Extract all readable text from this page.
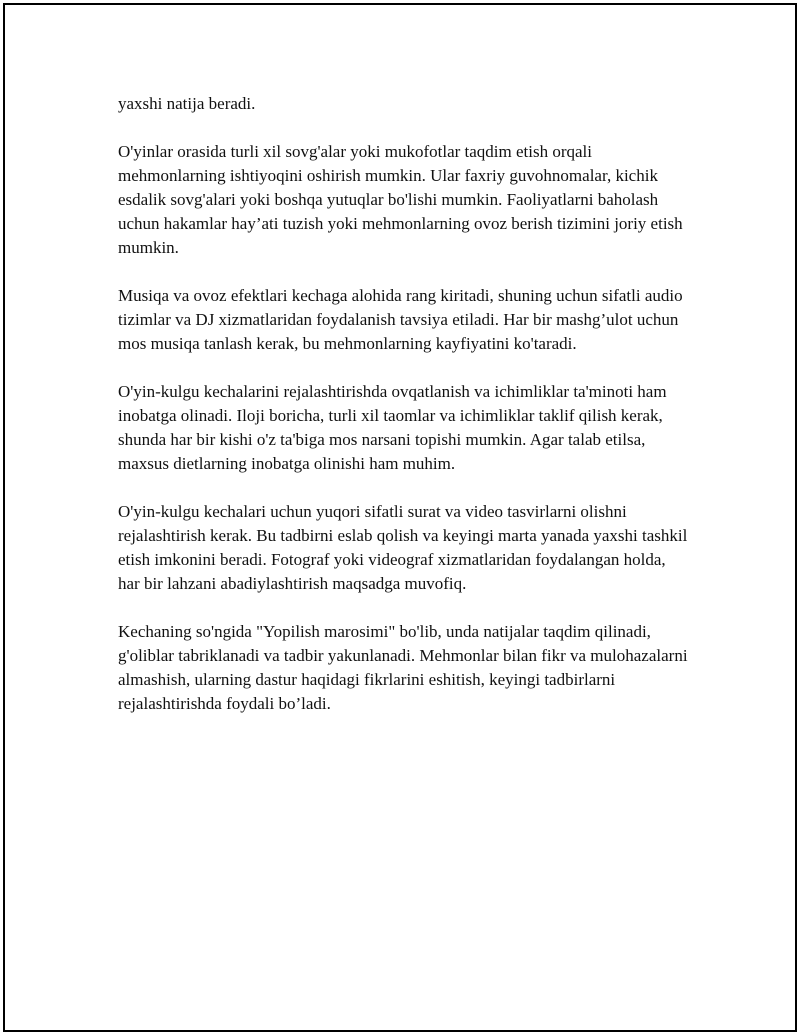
yaxshi natija beradi.

O'yinlar orasida turli xil sovg'alar yoki mukofotlar taqdim etish orqali mehmonlarning ishtiyoqini oshirish mumkin. Ular faxriy guvohnomalar, kichik esdalik sovg'alari yoki boshqa yutuqlar bo'lishi mumkin. Faoliyatlarni baholash uchun hakamlar hay’ati tuzish yoki mehmonlarning ovoz berish tizimini joriy etish mumkin.

Musiqa va ovoz efektlari kechaga alohida rang kiritadi, shuning uchun sifatli audio tizimlar va DJ xizmatlaridan foydalanish tavsiya etiladi. Har bir mashg’ulot uchun mos musiqa tanlash kerak, bu mehmonlarning kayfiyatini ko'taradi.

O'yin-kulgu kechalarini rejalashtirishda ovqatlanish va ichimliklar ta'minoti ham inobatga olinadi. Iloji boricha, turli xil taomlar va ichimliklar taklif qilish kerak, shunda har bir kishi o'z ta'biga mos narsani topishi mumkin. Agar talab etilsa, maxsus dietlarning inobatga olinishi ham muhim.

O'yin-kulgu kechalari uchun yuqori sifatli surat va video tasvirlarni olishni rejalashtirish kerak. Bu tadbirni eslab qolish va keyingi marta yanada yaxshi tashkil etish imkonini beradi. Fotograf yoki videograf xizmatlaridan foydalangan holda, har bir lahzani abadiylashtirish maqsadga muvofiq.

Kechaning so'ngida "Yopilish marosimi" bo'lib, unda natijalar taqdim qilinadi, g'oliblar tabriklanadi va tadbir yakunlanadi. Mehmonlar bilan fikr va mulohazalarni almashish, ularning dastur haqidagi fikrlarini eshitish, keyingi tadbirlarni rejalashtirishda foydali bo’ladi.
